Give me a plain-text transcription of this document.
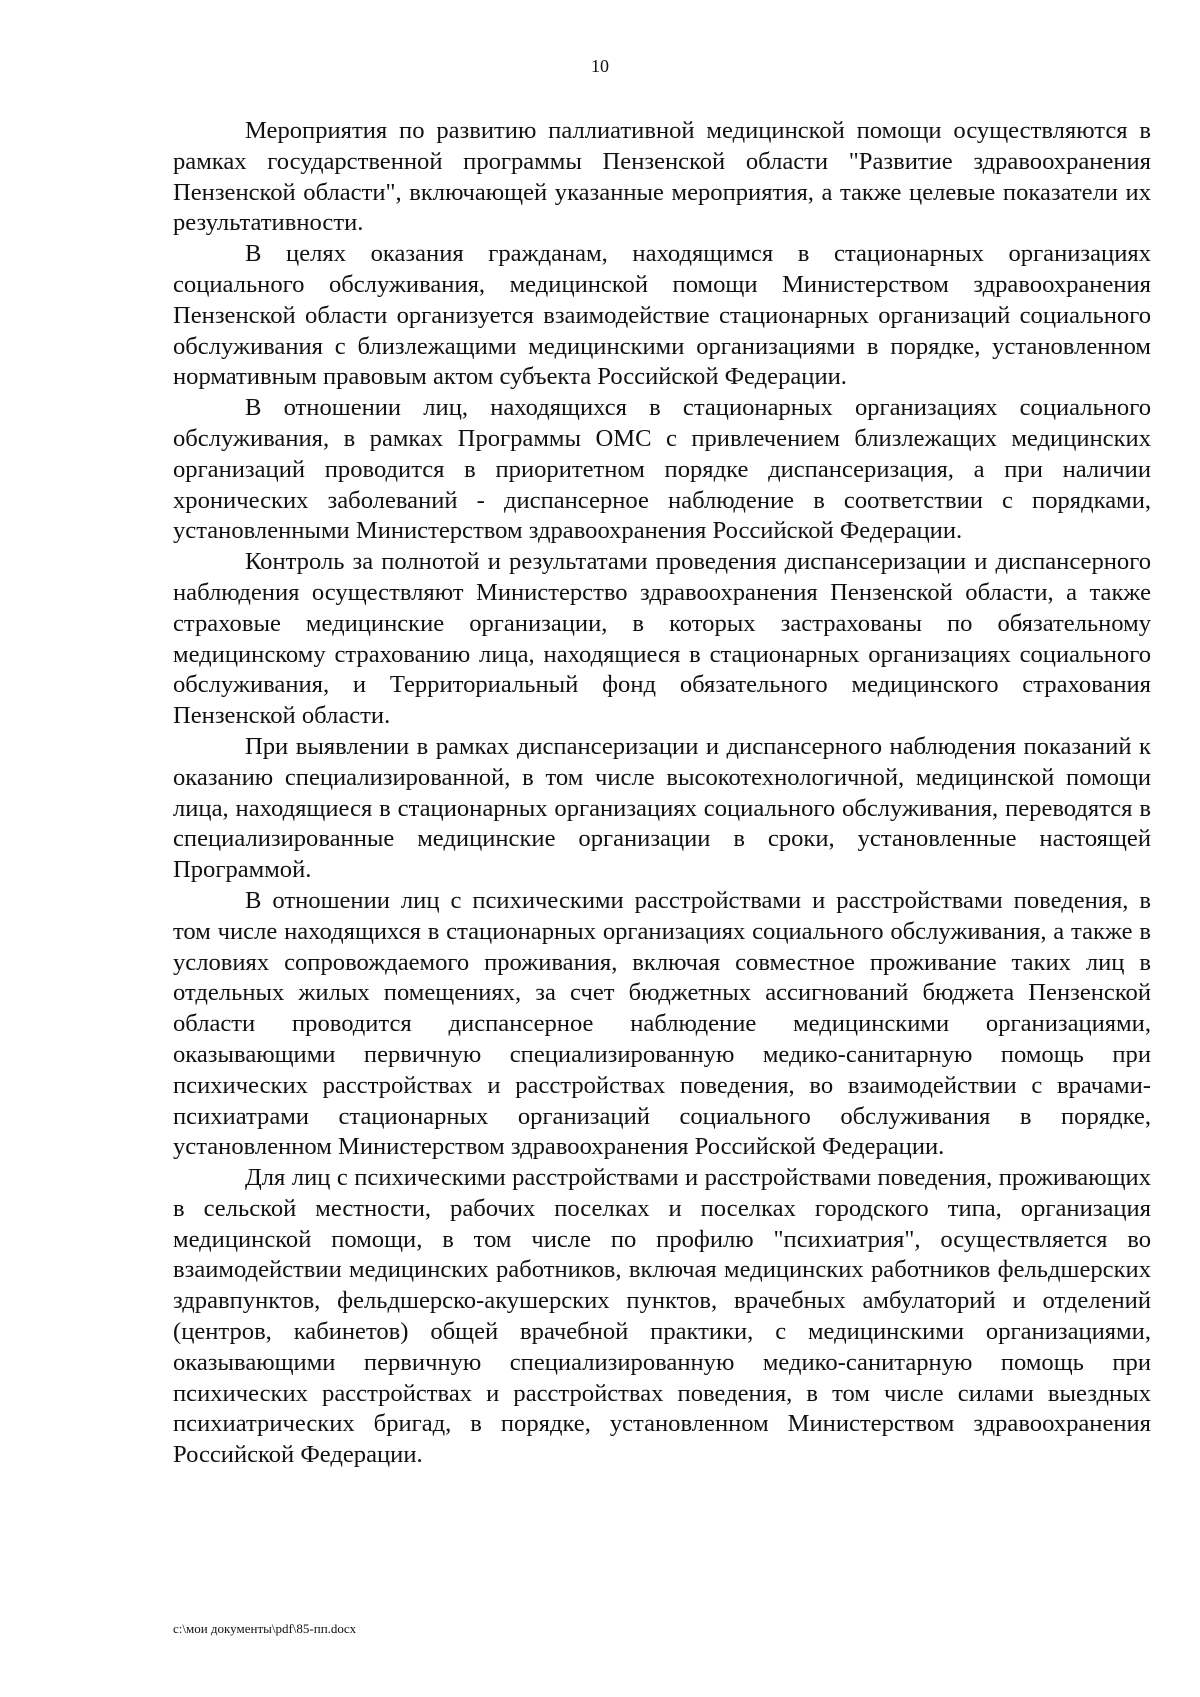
10

Мероприятия по развитию паллиативной медицинской помощи осуществляются в рамках государственной программы Пензенской области "Развитие здравоохранения Пензенской области", включающей указанные мероприятия, а также целевые показатели их результативности.

В целях оказания гражданам, находящимся в стационарных организациях социального обслуживания, медицинской помощи Министерством здравоохранения Пензенской области организуется взаимодействие стационарных организаций социального обслуживания с близлежащими медицинскими организациями в порядке, установленном нормативным правовым актом субъекта Российской Федерации.

В отношении лиц, находящихся в стационарных организациях социального обслуживания, в рамках Программы ОМС с привлечением близлежащих медицинских организаций проводится в приоритетном порядке диспансеризация, а при наличии хронических заболеваний - диспансерное наблюдение в соответствии с порядками, установленными Министерством здравоохранения Российской Федерации.

Контроль за полнотой и результатами проведения диспансеризации и диспансерного наблюдения осуществляют Министерство здравоохранения Пензенской области, а также страховые медицинские организации, в которых застрахованы по обязательному медицинскому страхованию лица, находящиеся в стационарных организациях социального обслуживания, и Территориальный фонд обязательного медицинского страхования Пензенской области.

При выявлении в рамках диспансеризации и диспансерного наблюдения показаний к оказанию специализированной, в том числе высокотехнологичной, медицинской помощи лица, находящиеся в стационарных организациях социального обслуживания, переводятся в специализированные медицинские организации в сроки, установленные настоящей Программой.

В отношении лиц с психическими расстройствами и расстройствами поведения, в том числе находящихся в стационарных организациях социального обслуживания, а также в условиях сопровождаемого проживания, включая совместное проживание таких лиц в отдельных жилых помещениях, за счет бюджетных ассигнований бюджета Пензенской области проводится диспансерное наблюдение медицинскими организациями, оказывающими первичную специализированную медико-санитарную помощь при психических расстройствах и расстройствах поведения, во взаимодействии с врачами-психиатрами стационарных организаций социального обслуживания в порядке, установленном Министерством здравоохранения Российской Федерации.

Для лиц с психическими расстройствами и расстройствами поведения, проживающих в сельской местности, рабочих поселках и поселках городского типа, организация медицинской помощи, в том числе по профилю "психиатрия", осуществляется во взаимодействии медицинских работников, включая медицинских работников фельдшерских здравпунктов, фельдшерско-акушерских пунктов, врачебных амбулаторий и отделений (центров, кабинетов) общей врачебной практики, с медицинскими организациями, оказывающими первичную специализированную медико-санитарную помощь при психических расстройствах и расстройствах поведения, в том числе силами выездных психиатрических бригад, в порядке, установленном Министерством здравоохранения Российской Федерации.

c:\мои документы\pdf\85-пп.docx
